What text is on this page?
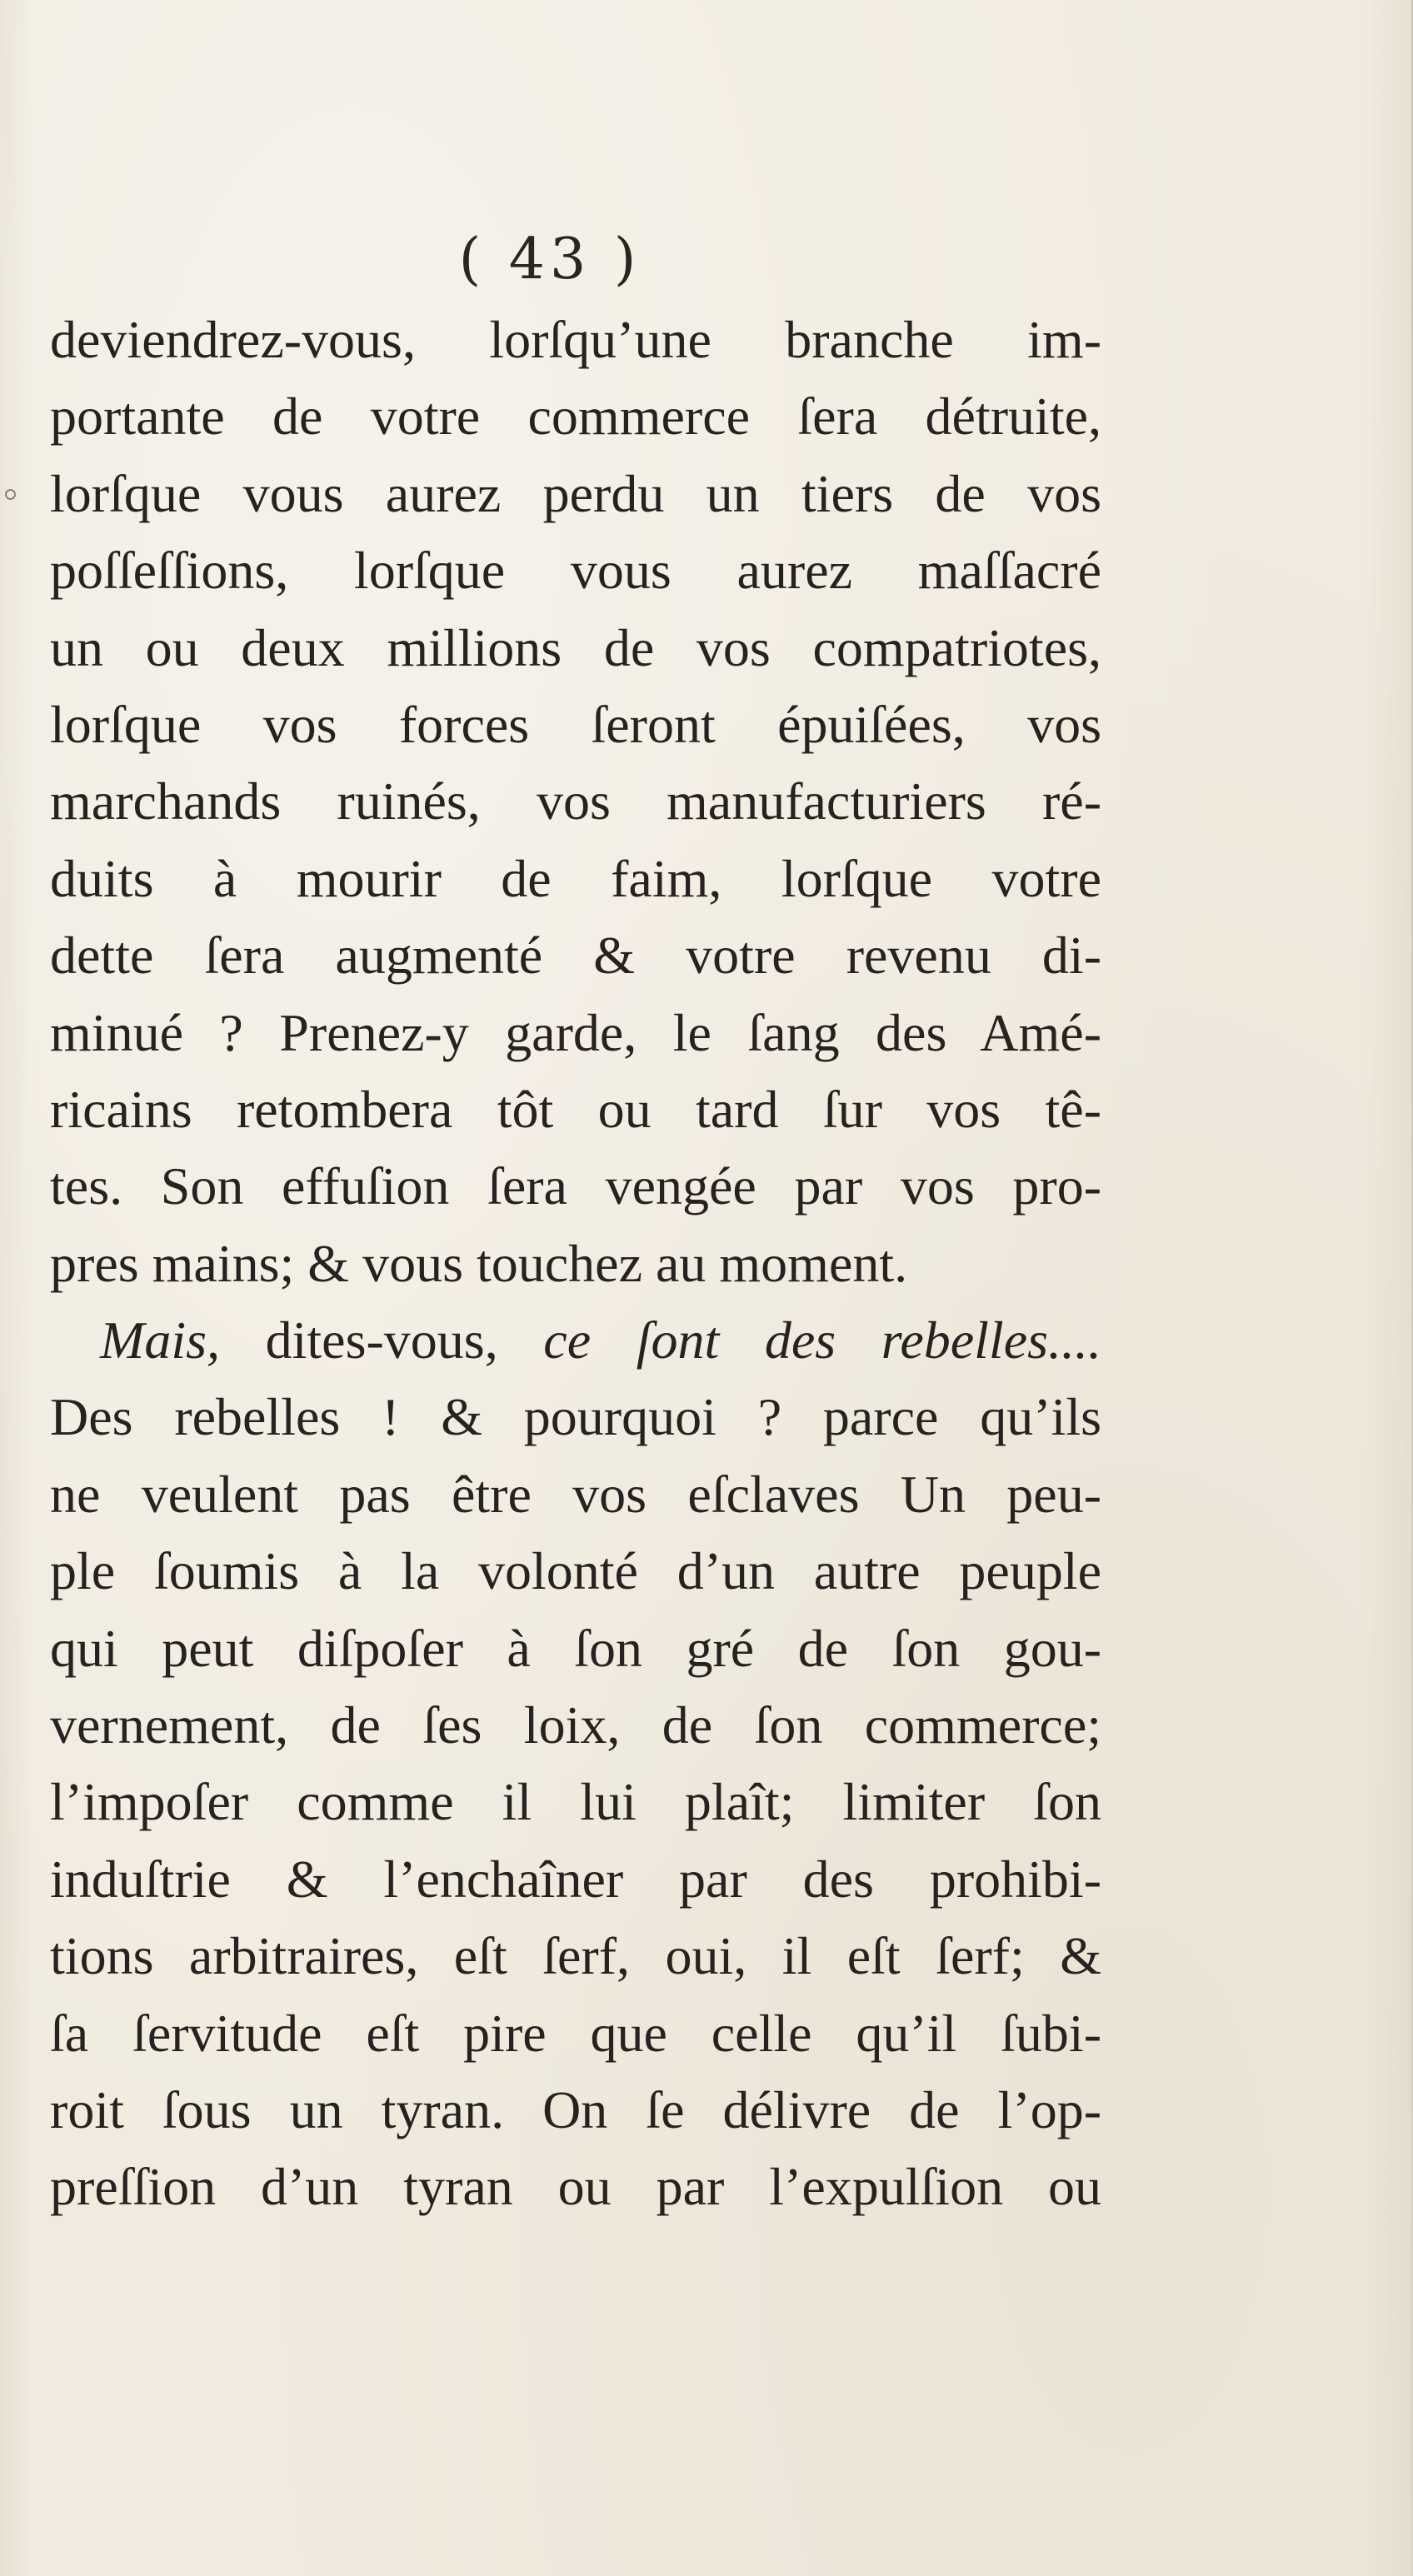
( 43 )
deviendrez-vous, lorſqu’une branche im-
portante de votre commerce ſera détruite,
lorſque vous aurez perdu un tiers de vos
poſſeſſions, lorſque vous aurez maſſacré
un ou deux millions de vos compatriotes,
lorſque vos forces ſeront épuiſées, vos
marchands ruinés, vos manufacturiers ré-
duits à mourir de faim, lorſque votre
dette ſera augmenté & votre revenu di-
minué ? Prenez-y garde, le ſang des Amé-
ricains retombera tôt ou tard ſur vos tê-
tes. Son effuſion ſera vengée par vos pro-
pres mains; & vous touchez au moment.
Mais, dites-vous, ce ſont des rebelles....
Des rebelles ! & pourquoi ? parce qu’ils
ne veulent pas être vos eſclaves Un peu-
ple ſoumis à la volonté d’un autre peuple
qui peut diſpoſer à ſon gré de ſon gou-
vernement, de ſes loix, de ſon commerce;
l’impoſer comme il lui plaît; limiter ſon
induſtrie & l’enchaîner par des prohibi-
tions arbitraires, eſt ſerf, oui, il eſt ſerf; &
ſa ſervitude eſt pire que celle qu’il ſubi-
roit ſous un tyran. On ſe délivre de l’op-
preſſion d’un tyran ou par l’expulſion ou
